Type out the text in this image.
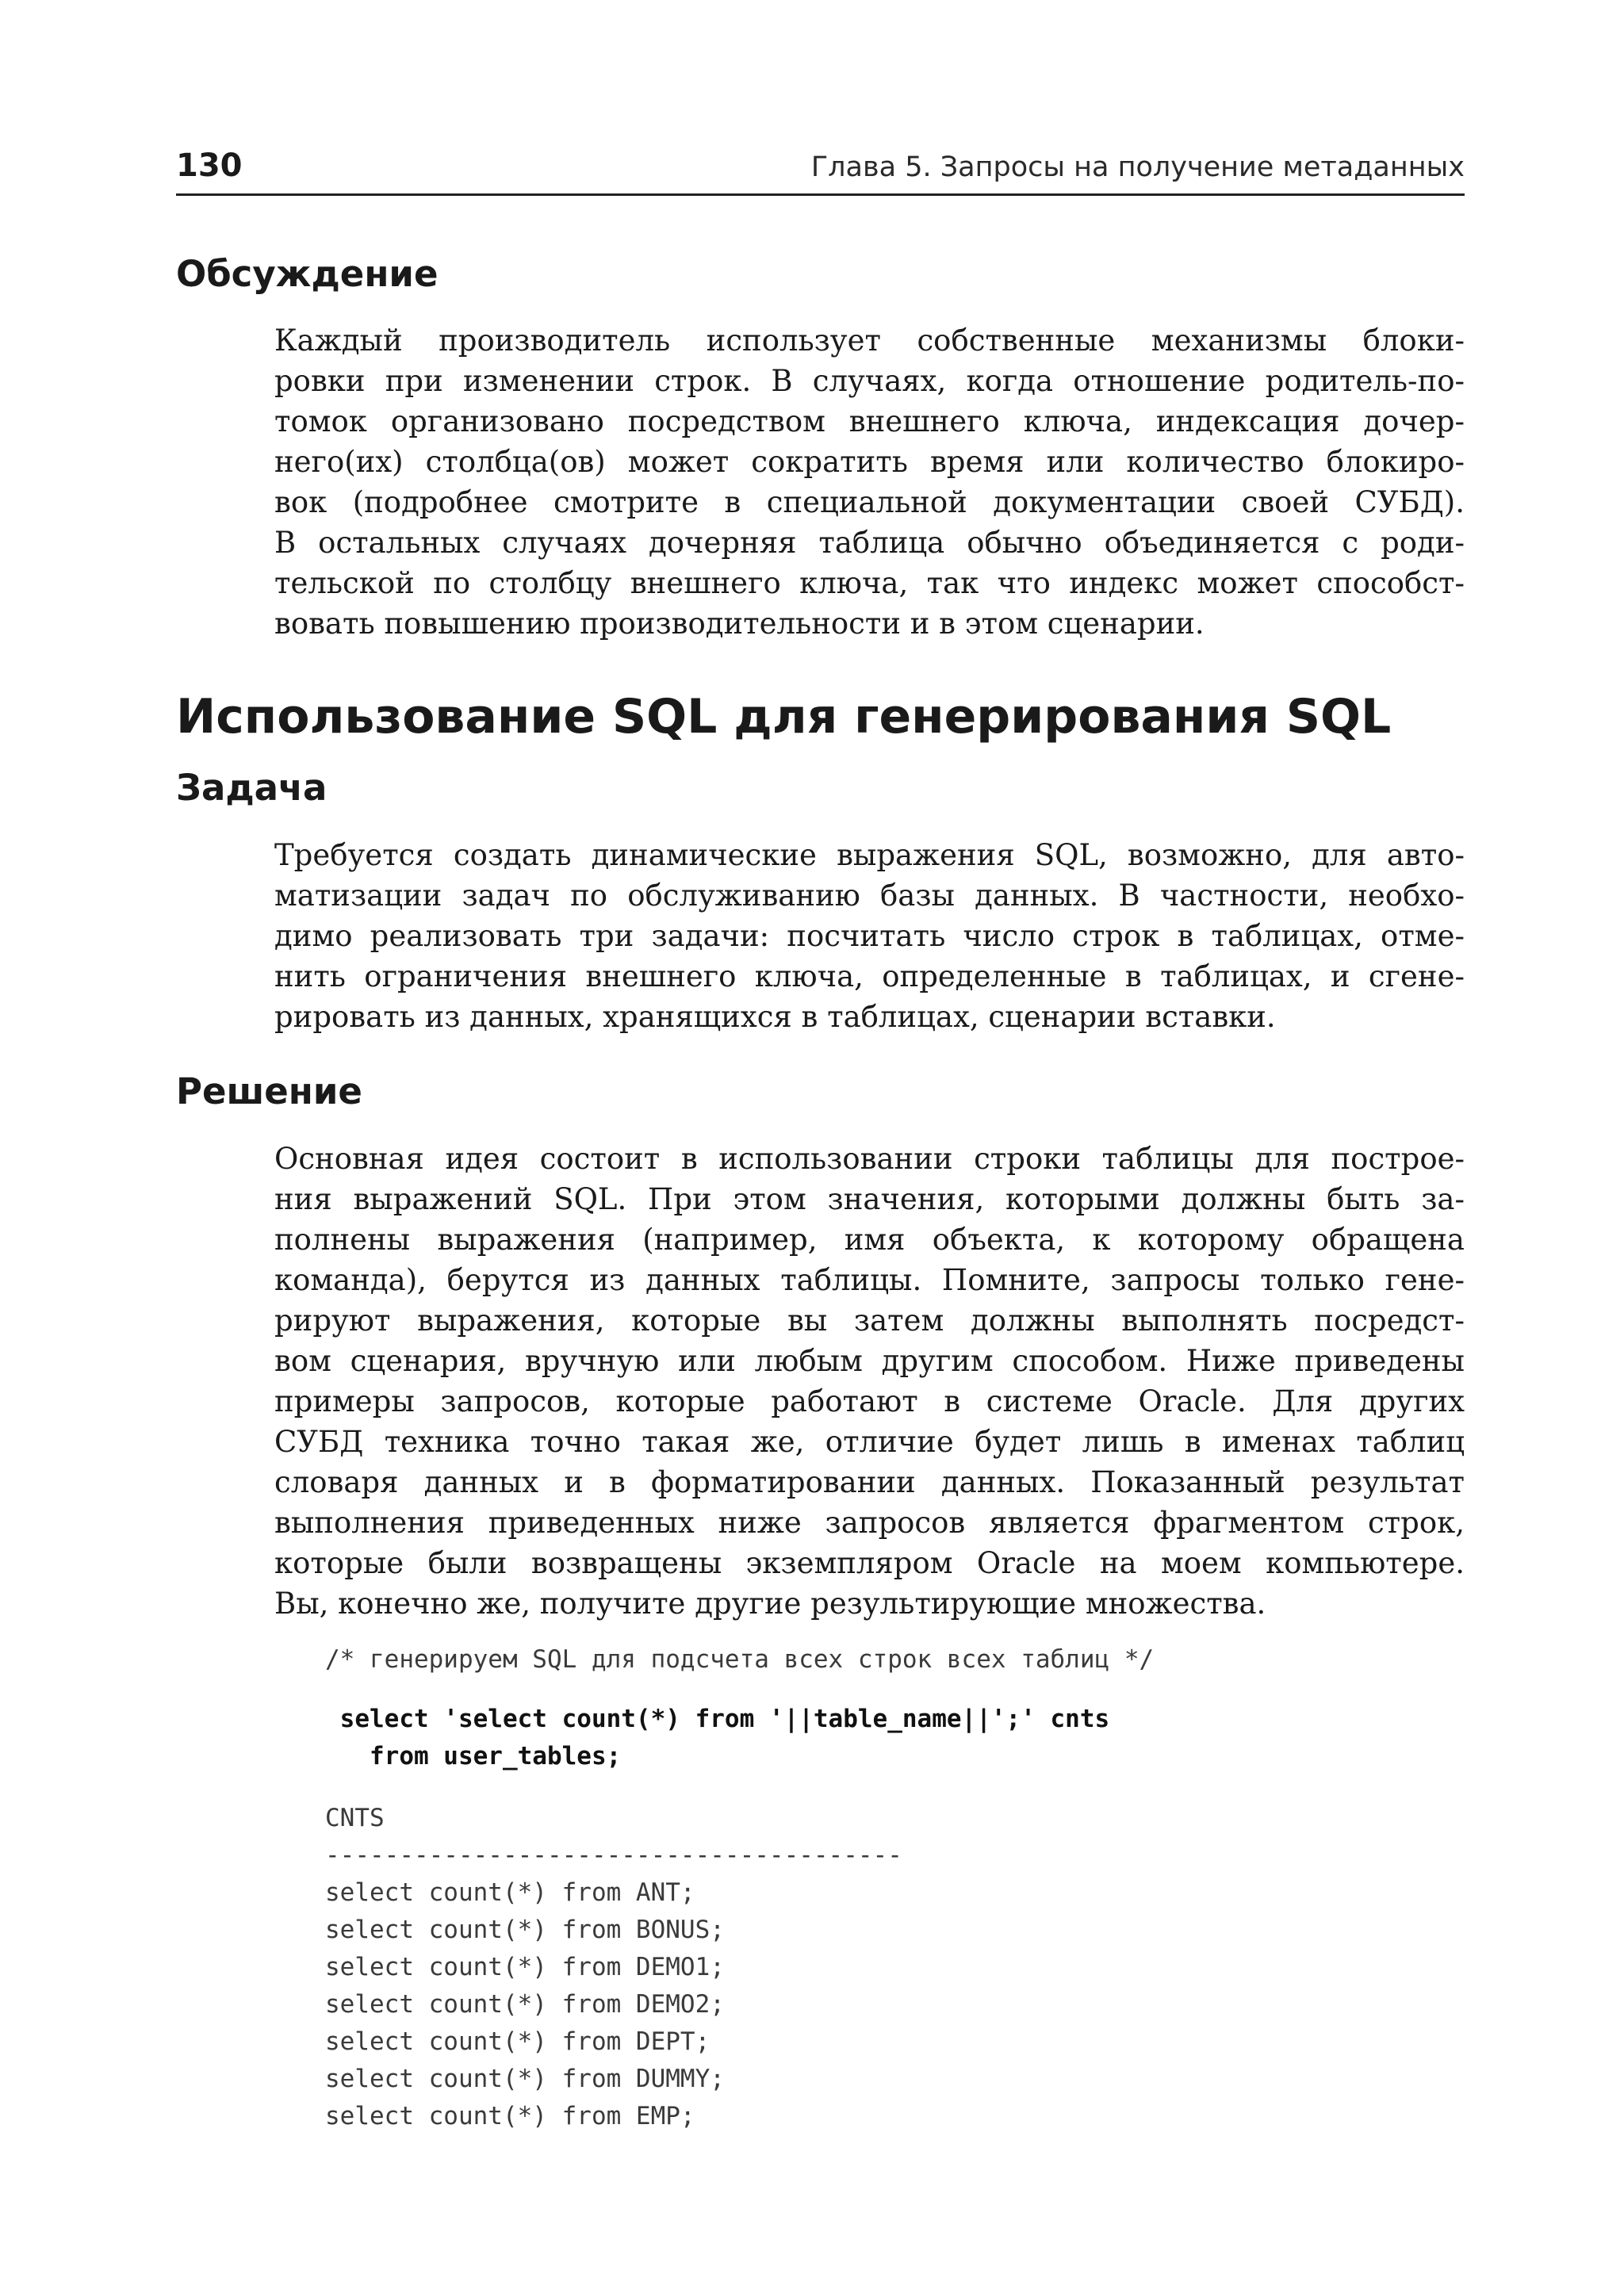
130	Глава 5. Запросы на получение метаданных
Обсуждение
Каждый производитель использует собственные механизмы блоки-
ровки при изменении строк. В случаях, когда отношение родитель-по-
томок организовано посредством внешнего ключа, индексация дочер-
него(их) столбца(ов) может сократить время или количество блокиро-
вок (подробнее смотрите в специальной документации своей СУБД).
В остальных случаях дочерняя таблица обычно объединяется с роди-
тельской по столбцу внешнего ключа, так что индекс может способст-
вовать повышению производительности и в этом сценарии.
Использование SQL для генерирования SQL
Задача
Требуется создать динамические выражения SQL, возможно, для авто-
матизации задач по обслуживанию базы данных. В частности, необхо-
димо реализовать три задачи: посчитать число строк в таблицах, отме-
нить ограничения внешнего ключа, определенные в таблицах, и сгене-
рировать из данных, хранящихся в таблицах, сценарии вставки.
Решение
Основная идея состоит в использовании строки таблицы для построе-
ния выражений SQL. При этом значения, которыми должны быть за-
полнены выражения (например, имя объекта, к которому обращена
команда), берутся из данных таблицы. Помните, запросы только гене-
рируют выражения, которые вы затем должны выполнять посредст-
вом сценария, вручную или любым другим способом. Ниже приведены
примеры запросов, которые работают в системе Oracle. Для других
СУБД техника точно такая же, отличие будет лишь в именах таблиц
словаря данных и в форматировании данных. Показанный результат
выполнения приведенных ниже запросов является фрагментом строк,
которые были возвращены экземпляром Oracle на моем компьютере.
Вы, конечно же, получите другие результирующие множества.
/* генерируем SQL для подсчета всех строк всех таблиц */
select 'select count(*) from '||table_name||';' cnts
from user_tables;
CNTS
---------------------------------------
select count(*) from ANT;
select count(*) from BONUS;
select count(*) from DEMO1;
select count(*) from DEMO2;
select count(*) from DEPT;
select count(*) from DUMMY;
select count(*) from EMP;
